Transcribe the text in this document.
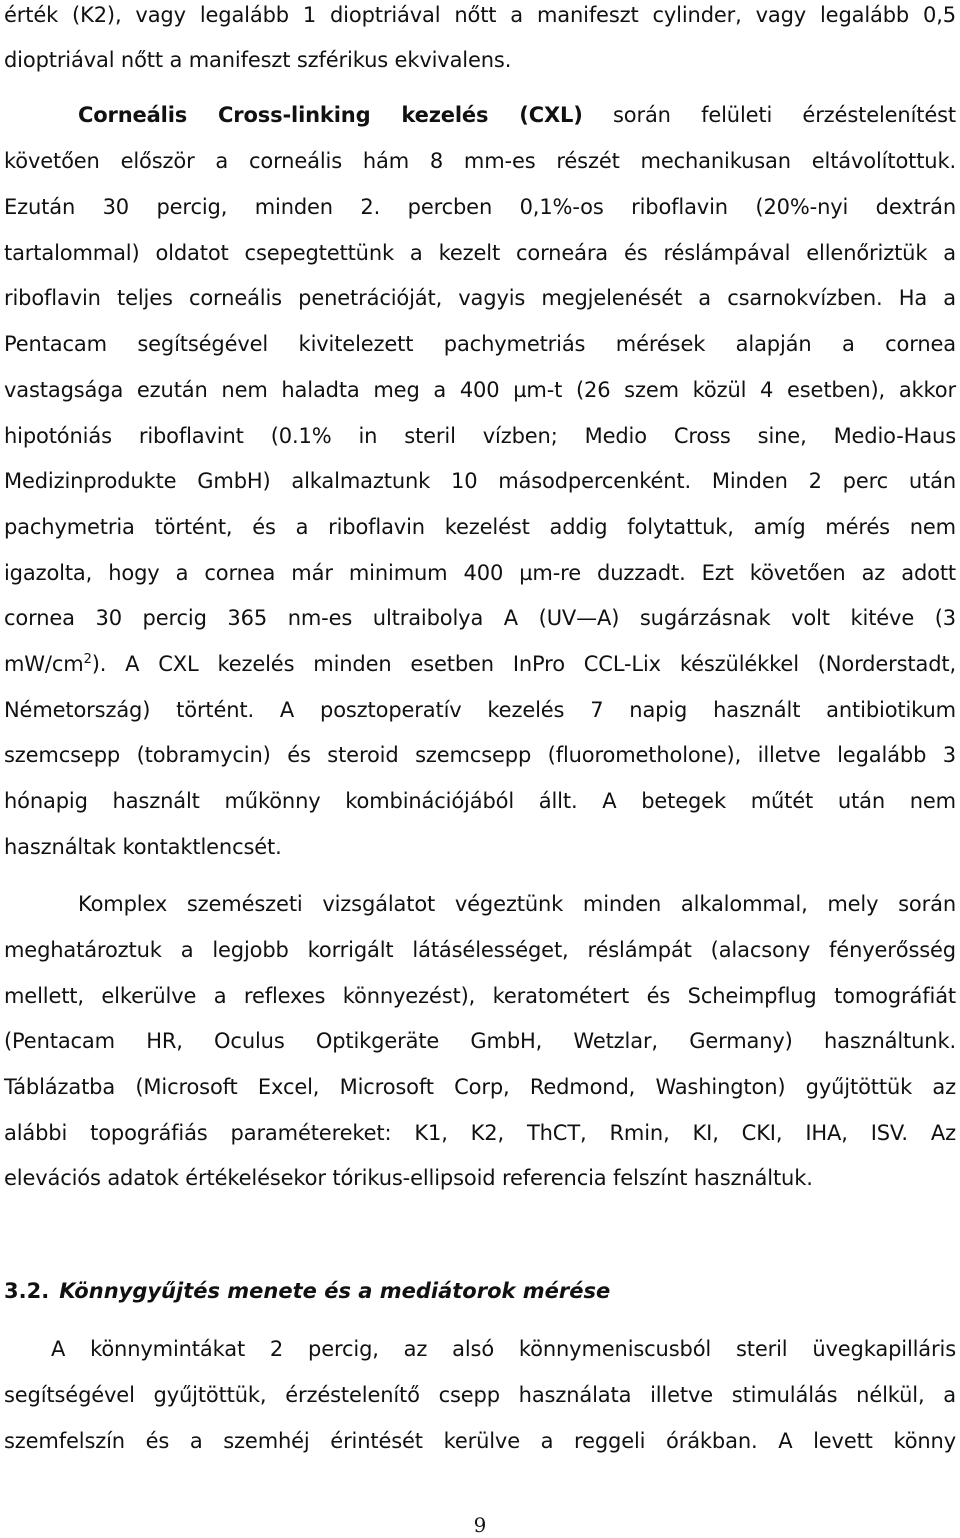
érték (K2), vagy legalább 1 dioptriával nőtt a manifeszt cylinder, vagy legalább 0,5
dioptriával nőtt a manifeszt szférikus ekvivalens.
Corneális Cross-linking kezelés (CXL) során felületi érzéstelenítést
követően először a corneális hám 8 mm-es részét mechanikusan eltávolítottuk.
Ezután 30 percig, minden 2. percben 0,1%-os riboflavin (20%-nyi dextrán
tartalommal) oldatot csepegtettünk a kezelt corneára és réslámpával ellenőriztük a
riboflavin teljes corneális penetrációját, vagyis megjelenését a csarnokvízben. Ha a
Pentacam segítségével kivitelezett pachymetriás mérések alapján a cornea
vastagsága ezután nem haladta meg a 400 µm-t (26 szem közül 4 esetben), akkor
hipotóniás riboflavint (0.1% in steril vízben; Medio Cross sine, Medio-Haus
Medizinprodukte GmbH) alkalmaztunk 10 másodpercenként. Minden 2 perc után
pachymetria történt, és a riboflavin kezelést addig folytattuk, amíg mérés nem
igazolta, hogy a cornea már minimum 400 µm-re duzzadt. Ezt követően az adott
cornea 30 percig 365 nm-es ultraibolya A (UV—A) sugárzásnak volt kitéve (3
$mW/cm^2$). A CXL kezelés minden esetben InPro CCL-Lix készülékkel (Norderstadt,
Németország) történt. A posztoperatív kezelés 7 napig használt antibiotikum
szemcsepp (tobramycin) és steroid szemcsepp (fluorometholone), illetve legalább 3
hónapig használt műkönny kombinációjából állt. A betegek műtét után nem
használtak kontaktlencsét.
Komplex szemészeti vizsgálatot végeztünk minden alkalommal, mely során
meghatároztuk a legjobb korrigált látásélességet, réslámpát (alacsony fényerősség
mellett, elkerülve a reflexes könnyezést), keratométert és Scheimpflug tomográfiát
(Pentacam HR, Oculus Optikgeräte GmbH, Wetzlar, Germany) használtunk.
Táblázatba (Microsoft Excel, Microsoft Corp, Redmond, Washington) gyűjtöttük az
alábbi topográfiás paramétereket: K1, K2, ThCT, Rmin, KI, CKI, IHA, ISV. Az
elevációs adatok értékelésekor tórikus-ellipsoid referencia felszínt használtuk.
3.2. Könnygyűjtés menete és a mediátorok mérése
A könnymintákat 2 percig, az alsó könnymeniscusból steril üvegkapilláris
segítségével gyűjtöttük, érzéstelenítő csepp használata illetve stimulálás nélkül, a
szemfelszín és a szemhéj érintését kerülve a reggeli órákban. A levett könny
9
